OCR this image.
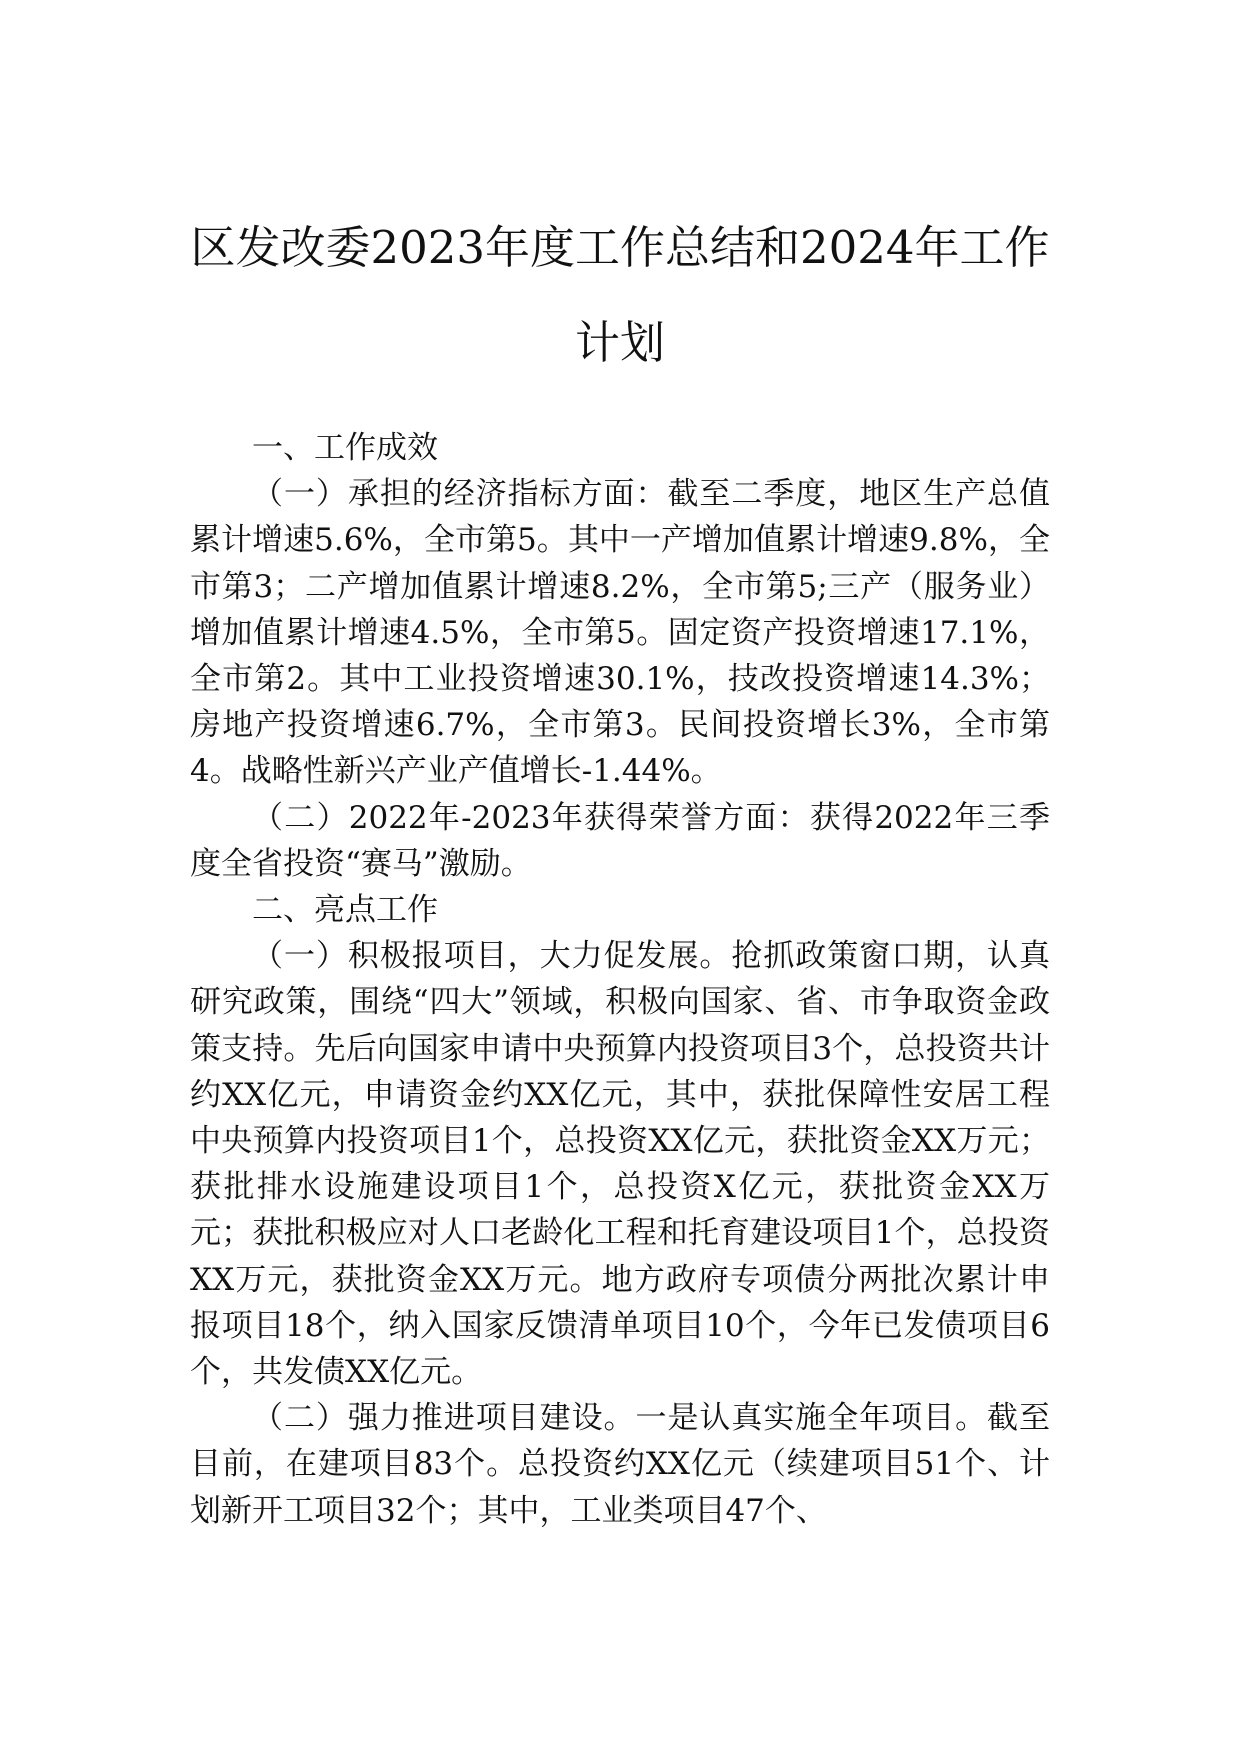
区发改委2023年度工作总结和2024年工作
计划

一、工作成效

（一）承担的经济指标方面：截至二季度，地区生产总值累计增速5.6%，全市第5。其中一产增加值累计增速9.8%，全市第3；二产增加值累计增速8.2%，全市第5;三产（服务业）增加值累计增速4.5%，全市第5。固定资产投资增速17.1%，全市第2。其中工业投资增速30.1%，技改投资增速14.3%；房地产投资增速6.7%，全市第3。民间投资增长3%，全市第4。战略性新兴产业产值增长-1.44%。

（二）2022年-2023年获得荣誉方面：获得2022年三季度全省投资“赛马”激励。

二、亮点工作

（一）积极报项目，大力促发展。抢抓政策窗口期，认真研究政策，围绕“四大”领域，积极向国家、省、市争取资金政策支持。先后向国家申请中央预算内投资项目3个，总投资共计约XX亿元，申请资金约XX亿元，其中，获批保障性安居工程中央预算内投资项目1个，总投资XX亿元，获批资金XX万元；获批排水设施建设项目1个，总投资X亿元，获批资金XX万元；获批积极应对人口老龄化工程和托育建设项目1个，总投资XX万元，获批资金XX万元。地方政府专项债分两批次累计申报项目18个，纳入国家反馈清单项目10个，今年已发债项目6个，共发债XX亿元。

（二）强力推进项目建设。一是认真实施全年项目。截至目前，在建项目83个。总投资约XX亿元（续建项目51个、计划新开工项目32个；其中，工业类项目47个、
